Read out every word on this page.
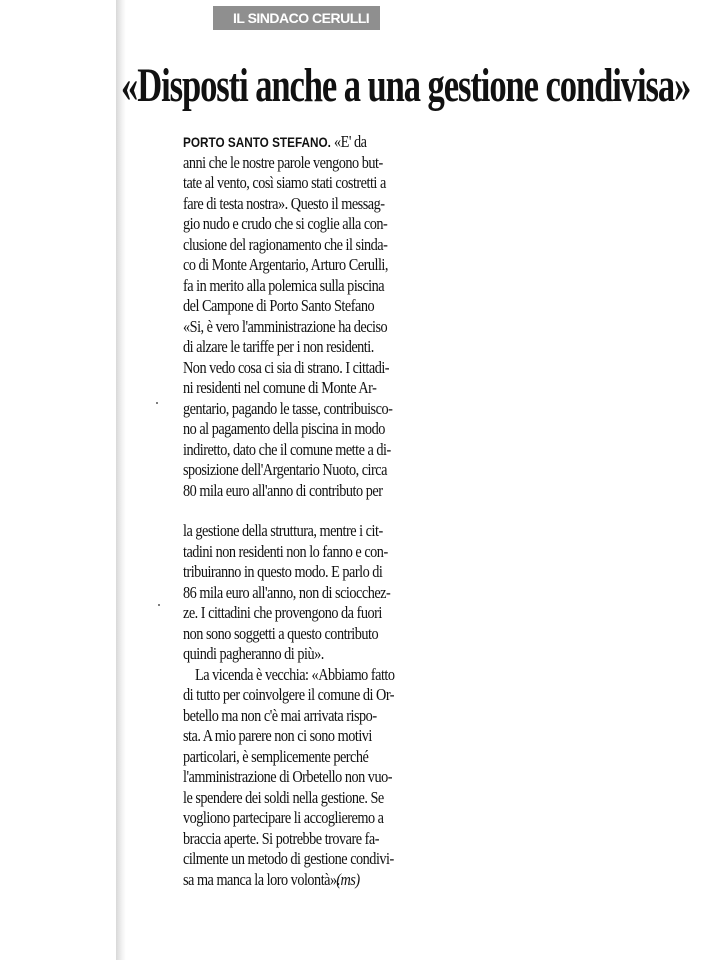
IL SINDACO CERULLI
«Disposti anche a una gestione condivisa»
PORTO SANTO STEFANO. «E' da
anni che le nostre parole vengono but-
tate al vento, così siamo stati costretti a
fare di testa nostra». Questo il messag-
gio nudo e crudo che si coglie alla con-
clusione del ragionamento che il sinda-
co di Monte Argentario, Arturo Cerulli,
fa in merito alla polemica sulla piscina
del Campone di Porto Santo Stefano
«Si, è vero l'amministrazione ha deciso
di alzare le tariffe per i non residenti.
Non vedo cosa ci sia di strano. I cittadi-
ni residenti nel comune di Monte Ar-
gentario, pagando le tasse, contribuisco-
no al pagamento della piscina in modo
indiretto, dato che il comune mette a di-
sposizione dell'Argentario Nuoto, circa
80 mila euro all'anno di contributo per
la gestione della struttura, mentre i cit-
tadini non residenti non lo fanno e con-
tribuiranno in questo modo. E parlo di
86 mila euro all'anno, non di sciocchez-
ze. I cittadini che provengono da fuori
non sono soggetti a questo contributo
quindi pagheranno di più».
La vicenda è vecchia: «Abbiamo fatto
di tutto per coinvolgere il comune di Or-
betello ma non c'è mai arrivata rispo-
sta. A mio parere non ci sono motivi
particolari, è semplicemente perché
l'amministrazione di Orbetello non vuo-
le spendere dei soldi nella gestione. Se
vogliono partecipare li accoglieremo a
braccia aperte. Si potrebbe trovare fa-
cilmente un metodo di gestione condivi-
sa ma manca la loro volontà».(ms)
